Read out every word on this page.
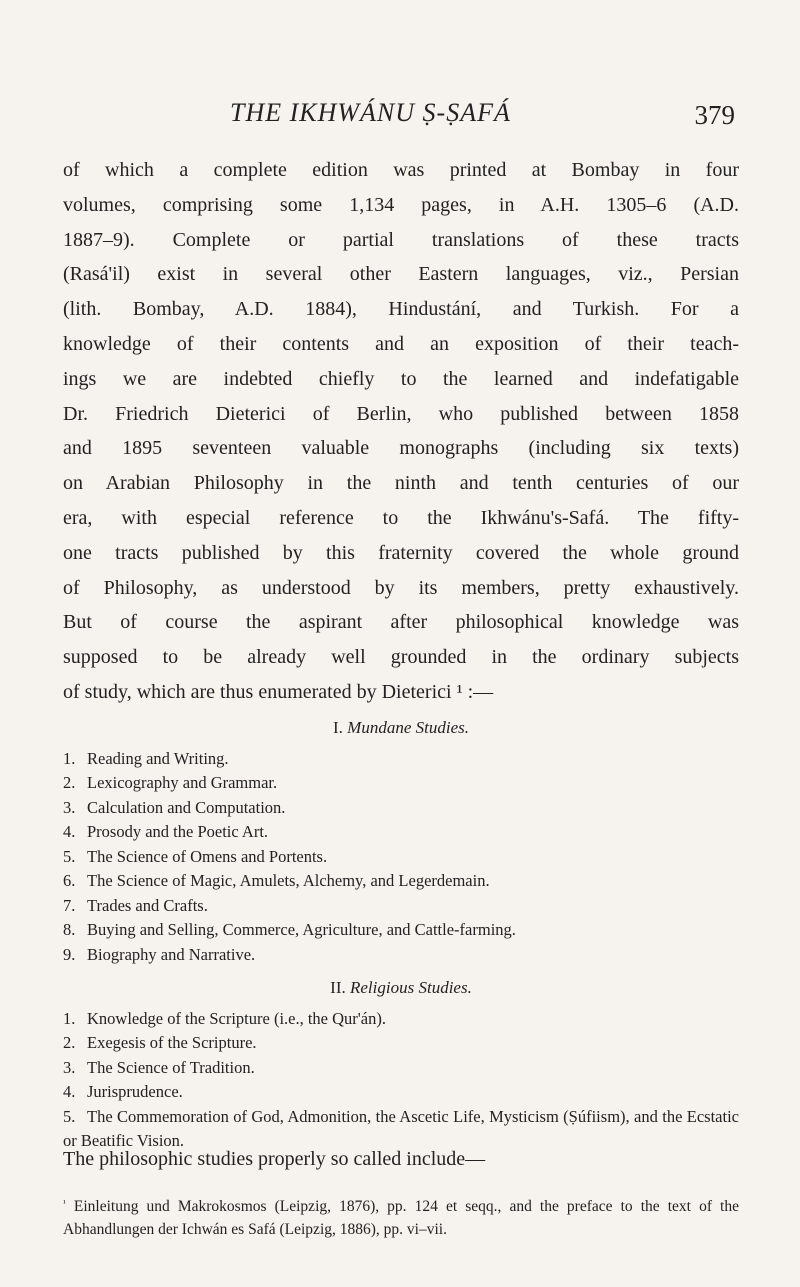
THE IKHWÁNU Ṣ-ṢAFÁ	379
of which a complete edition was printed at Bombay in four
volumes, comprising some 1,134 pages, in A.H. 1305–6 (A.D.
1887–9). Complete or partial translations of these tracts
(Rasá'il) exist in several other Eastern languages, viz., Persian
(lith. Bombay, A.D. 1884), Hindustání, and Turkish. For a
knowledge of their contents and an exposition of their teach-
ings we are indebted chiefly to the learned and indefatigable
Dr. Friedrich Dieterici of Berlin, who published between 1858
and 1895 seventeen valuable monographs (including six texts)
on Arabian Philosophy in the ninth and tenth centuries of our
era, with especial reference to the Ikhwánu's-Safá. The fifty-
one tracts published by this fraternity covered the whole ground
of Philosophy, as understood by its members, pretty exhaustively.
But of course the aspirant after philosophical knowledge was
supposed to be already well grounded in the ordinary subjects
of study, which are thus enumerated by Dieterici ¹ :—
I. Mundane Studies.
1. Reading and Writing.
2. Lexicography and Grammar.
3. Calculation and Computation.
4. Prosody and the Poetic Art.
5. The Science of Omens and Portents.
6. The Science of Magic, Amulets, Alchemy, and Legerdemain.
7. Trades and Crafts.
8. Buying and Selling, Commerce, Agriculture, and Cattle-farming.
9. Biography and Narrative.
II. Religious Studies.
1. Knowledge of the Scripture (i.e., the Qur'án).
2. Exegesis of the Scripture.
3. The Science of Tradition.
4. Jurisprudence.
5. The Commemoration of God, Admonition, the Ascetic Life, Mysticism (Ṣúfiism), and the Ecstatic or Beatific Vision.
The philosophic studies properly so called include—
$^{^1}$ Einleitung und Makrokosmos (Leipzig, 1876), pp. 124 et seqq., and the preface to the text of the Abhandlungen der Ichwán es Safá (Leipzig, 1886), pp. vi–vii.
